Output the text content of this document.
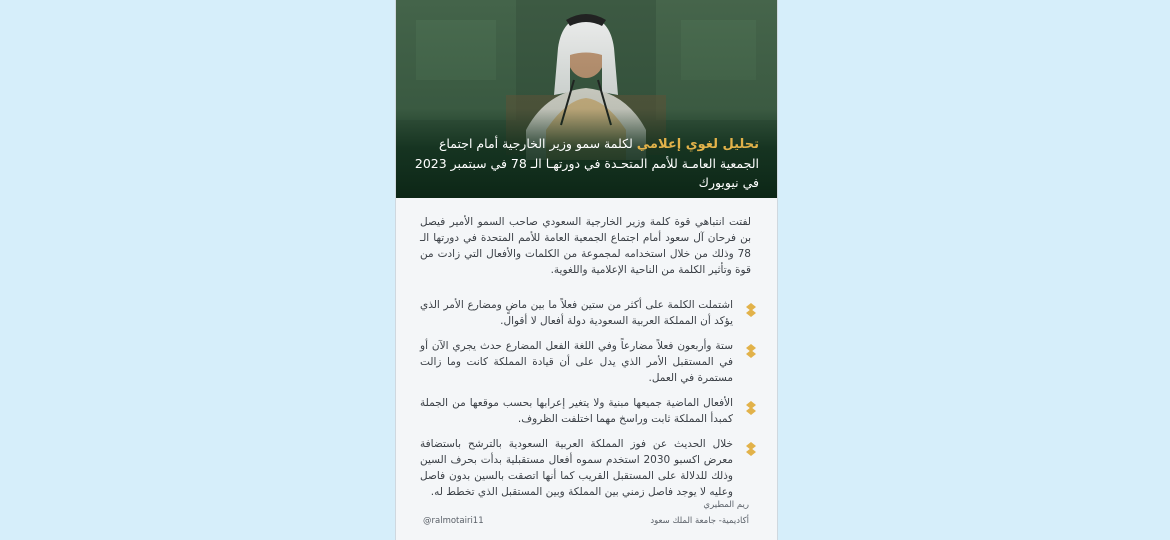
تحليل لغوي إعلامي لكلمة سمو وزير الخارجية أمام اجتماع الجمعية العامـة للأمم المتحـدة في دورتهـا الـ 78 في سبتمبر 2023 في نيويورك
لفتت انتباهي قوة كلمة وزير الخارجية السعودي صاحب السمو الأمير فيصل بن فرحان آل سعود أمام اجتماع الجمعية العامة للأمم المتحدة في دورتها الـ 78 وذلك من خلال استخدامه لمجموعة من الكلمات والأفعال التي زادت من قوة وتأثير الكلمة من الناحية الإعلامية واللغوية.
اشتملت الكلمة على أكثر من ستين فعلاً ما بين ماضٍ ومضارع الأمر الذي يؤكد أن المملكة العربية السعودية دولة أفعال لا أقوال.
ستة وأربعون فعلاً مضارعاً وفي اللغة الفعل المضارع حدث يجري الآن أو في المستقبل الأمر الذي يدل على أن قيادة المملكة كانت وما زالت مستمرة في العمل.
الأفعال الماضية جميعها مبنية ولا يتغير إعرابها بحسب موقعها من الجملة كمبدأ المملكة ثابت وراسخ مهما اختلفت الظروف.
خلال الحديث عن فوز المملكة العربية السعودية بالترشح باستضافة معرض اكسبو 2030 استخدم سموه أفعال مستقبلية بدأت بحرف السين وذلك للدلالة على المستقبل القريب كما أنها اتصقت بالسين بدون فاصل وعليه لا يوجد فاصل زمني بين المملكة وبين المستقبل الذي تخطط له.
ريم المطيري
أكاديمية- جامعة الملك سعود
@ralmotairi11
